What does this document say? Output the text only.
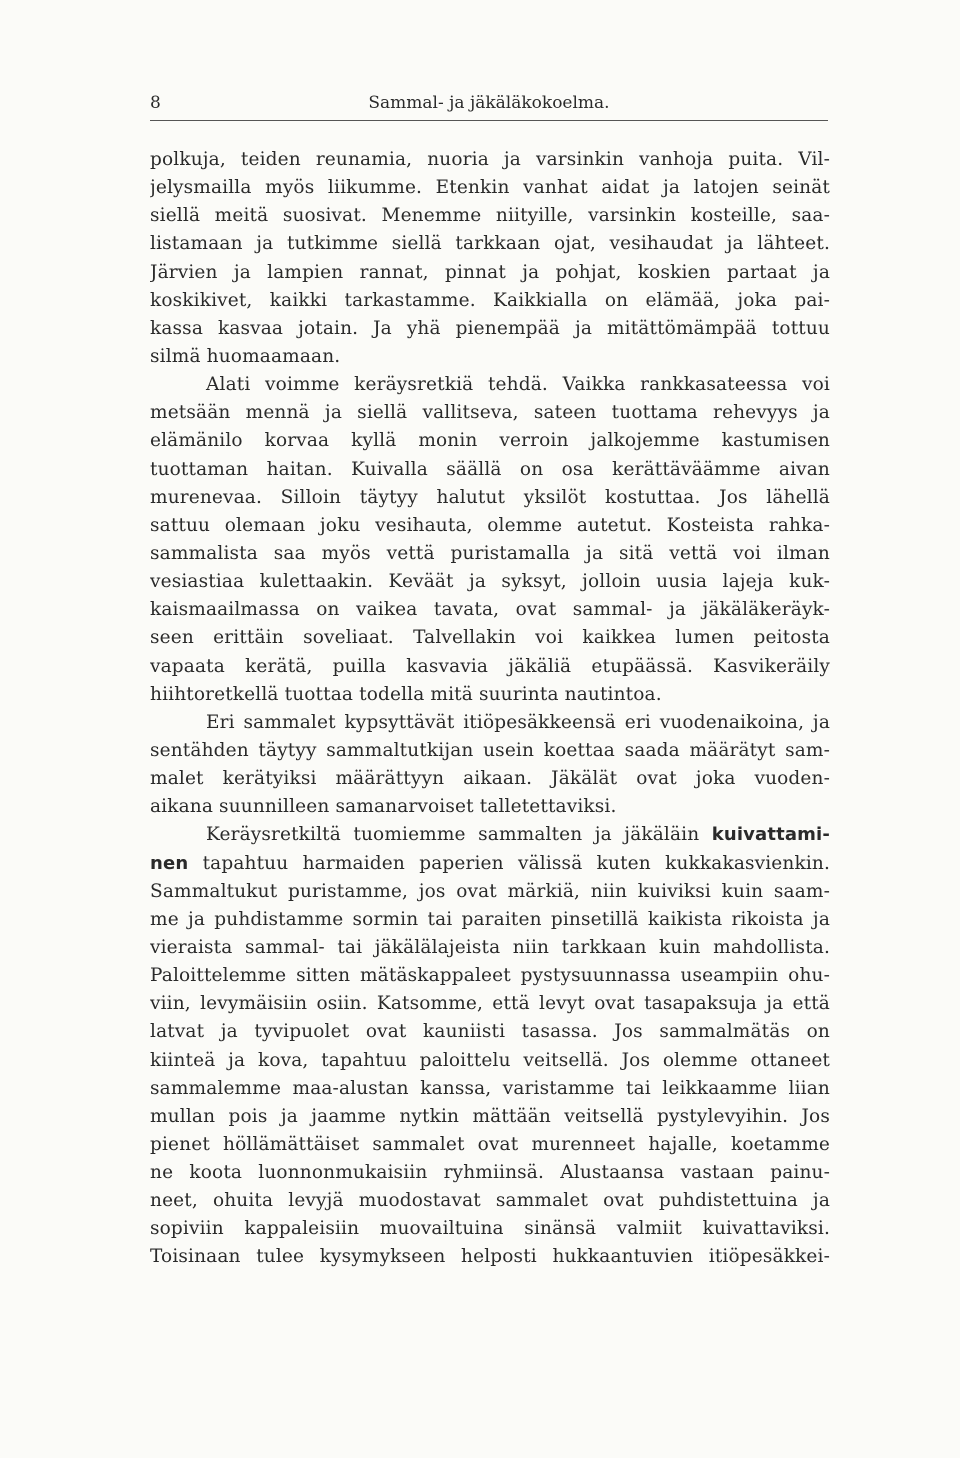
8	Sammal- ja jäkäläkokoelma.
polkuja, teiden reunamia, nuoria ja varsinkin vanhoja puita. Vil-
jelysmailla myös liikumme. Etenkin vanhat aidat ja latojen seinät
siellä meitä suosivat. Menemme niityille, varsinkin kosteille, saa-
listamaan ja tutkimme siellä tarkkaan ojat, vesihaudat ja lähteet.
Järvien ja lampien rannat, pinnat ja pohjat, koskien partaat ja
koskikivet, kaikki tarkastamme. Kaikkialla on elämää, joka pai-
kassa kasvaa jotain. Ja yhä pienempää ja mitättömämpää tottuu
silmä huomaamaan.
Alati voimme keräysretkiä tehdä. Vaikka rankkasateessa voi
metsään mennä ja siellä vallitseva, sateen tuottama rehevyys ja
elämänilo korvaa kyllä monin verroin jalkojemme kastumisen
tuottaman haitan. Kuivalla säällä on osa kerättäväämme aivan
murenevaa. Silloin täytyy halutut yksilöt kostuttaa. Jos lähellä
sattuu olemaan joku vesihauta, olemme autetut. Kosteista rahka-
sammalista saa myös vettä puristamalla ja sitä vettä voi ilman
vesiastiaa kulettaakin. Keväät ja syksyt, jolloin uusia lajeja kuk-
kaismaailmassa on vaikea tavata, ovat sammal- ja jäkäläkeräyk-
seen erittäin soveliaat. Talvellakin voi kaikkea lumen peitosta
vapaata kerätä, puilla kasvavia jäkäliä etupäässä. Kasvikeräily
hiihtoretkellä tuottaa todella mitä suurinta nautintoa.
Eri sammalet kypsyttävät itiöpesäkkeensä eri vuodenaikoina, ja
sentähden täytyy sammaltutkijan usein koettaa saada määrätyt sam-
malet kerätyiksi määrättyyn aikaan. Jäkälät ovat joka vuoden-
aikana suunnilleen samanarvoiset talletettaviksi.
Keräysretkiltä tuomiemme sammalten ja jäkäläin kuivattami-
nen tapahtuu harmaiden paperien välissä kuten kukkakasvienkin.
Sammaltukut puristamme, jos ovat märkiä, niin kuiviksi kuin saam-
me ja puhdistamme sormin tai paraiten pinsetillä kaikista rikoista ja
vieraista sammal- tai jäkälälajeista niin tarkkaan kuin mahdollista.
Paloittelemme sitten mätäskappaleet pystysuunnassa useampiin ohu-
viin, levymäisiin osiin. Katsomme, että levyt ovat tasapaksuja ja että
latvat ja tyvipuolet ovat kauniisti tasassa. Jos sammalmätäs on
kiinteä ja kova, tapahtuu paloittelu veitsellä. Jos olemme ottaneet
sammalemme maa-alustan kanssa, varistamme tai leikkaamme liian
mullan pois ja jaamme nytkin mättään veitsellä pystylevyihin. Jos
pienet höllämättäiset sammalet ovat murenneet hajalle, koetamme
ne koota luonnonmukaisiin ryhmiinsä. Alustaansa vastaan painu-
neet, ohuita levyjä muodostavat sammalet ovat puhdistettuina ja
sopiviin kappaleisiin muovailtuina sinänsä valmiit kuivattaviksi.
Toisinaan tulee kysymykseen helposti hukkaantuvien itiöpesäkkei-
